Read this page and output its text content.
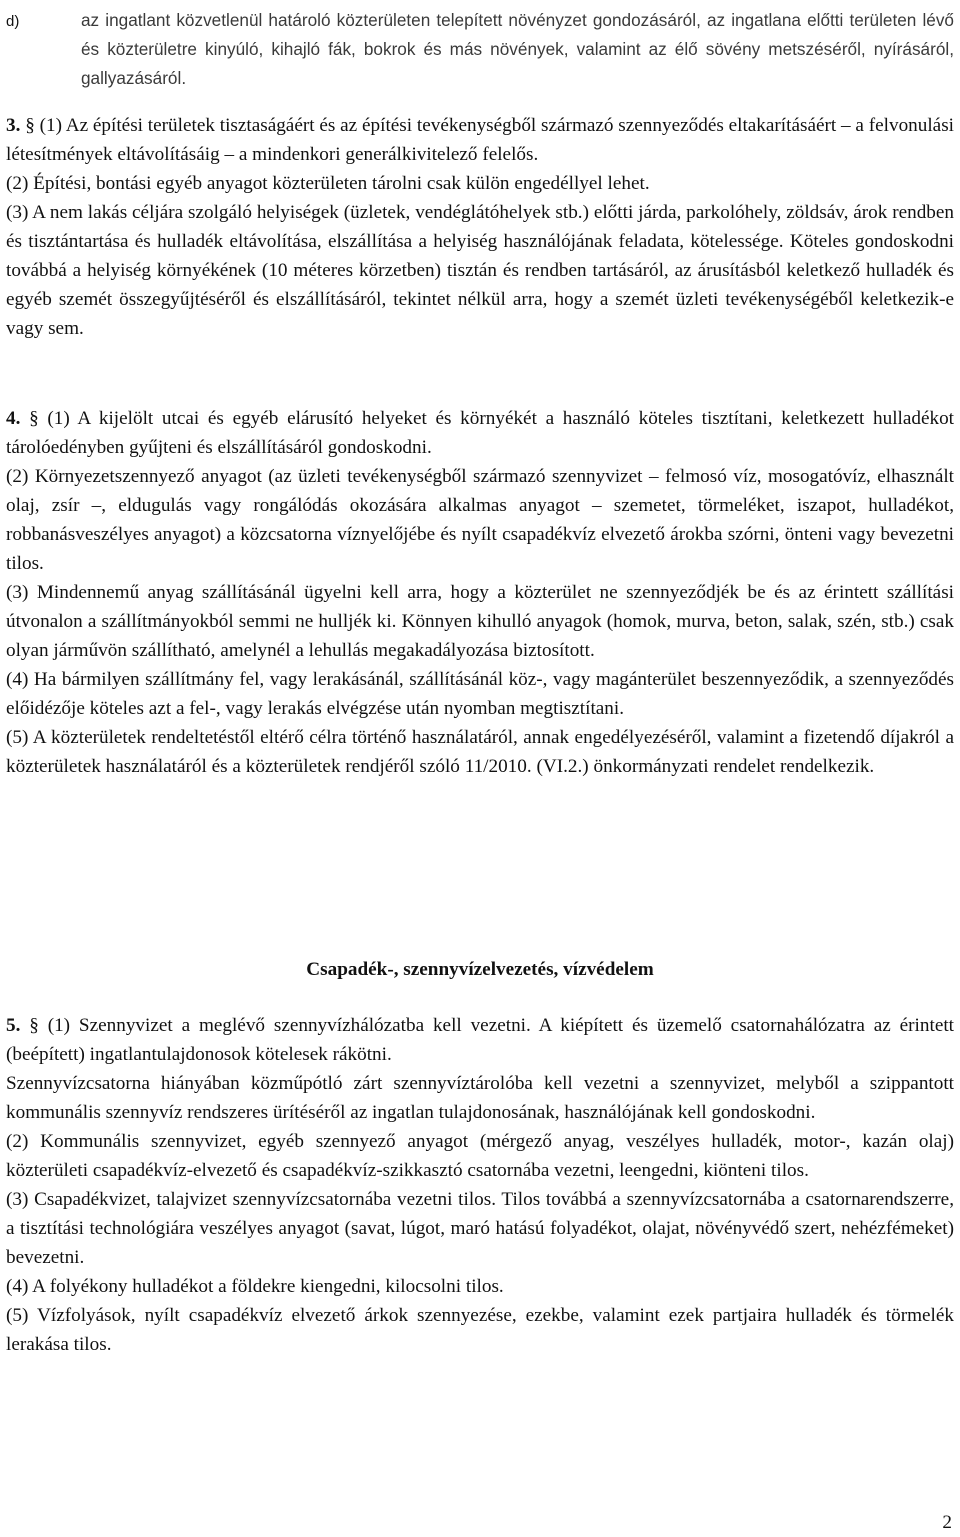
d)	az ingatlant közvetlenül határoló közterületen telepített növényzet gondozásáról, az ingatlana előtti területen lévő és közterületre kinyúló, kihajló fák, bokrok és más növények, valamint az élő sövény metszéséről, nyírásáról, gallyazásáról.

3. § (1) Az építési területek tisztaságáért és az építési tevékenységből származó szennyeződés eltakarításáért – a felvonulási létesítmények eltávolításáig – a mindenkori generálkivitelező felelős.

(2) Építési, bontási egyéb anyagot közterületen tárolni csak külön engedéllyel lehet.

(3) A nem lakás céljára szolgáló helyiségek (üzletek, vendéglátóhelyek stb.) előtti járda, parkolóhely, zöldsáv, árok rendben és tisztántartása és hulladék eltávolítása, elszállítása a helyiség használójának feladata, kötelessége. Köteles gondoskodni továbbá a helyiség környékének (10 méteres körzetben) tisztán és rendben tartásáról, az árusításból keletkező hulladék és egyéb szemét összegyűjtéséről és elszállításáról, tekintet nélkül arra, hogy a szemét üzleti tevékenységéből keletkezik-e vagy sem.

4. § (1) A kijelölt utcai és egyéb elárusító helyeket és környékét a használó köteles tisztítani, keletkezett hulladékot tárolóedényben gyűjteni és elszállításáról gondoskodni.

(2) Környezetszennyező anyagot (az üzleti tevékenységből származó szennyvizet – felmosó víz, mosogatóvíz, elhasznált olaj, zsír –, eldugulás vagy rongálódás okozására alkalmas anyagot – szemetet, törmeléket, iszapot, hulladékot, robbanásveszélyes anyagot) a közcsatorna víznyelőjébe és nyílt csapadékvíz elvezető árokba szórni, önteni vagy bevezetni tilos.

(3) Mindennemű anyag szállításánál ügyelni kell arra, hogy a közterület ne szennyeződjék be és az érintett szállítási útvonalon a szállítmányokból semmi ne hulljék ki. Könnyen kihulló anyagok (homok, murva, beton, salak, szén, stb.) csak olyan járművön szállítható, amelynél a lehullás megakadályozása biztosított.

(4) Ha bármilyen szállítmány fel, vagy lerakásánál, szállításánál köz-, vagy magánterület beszennyeződik, a szennyeződés előidézője köteles azt a fel-, vagy lerakás elvégzése után nyomban megtisztítani.

(5) A közterületek rendeltetéstől eltérő célra történő használatáról, annak engedélyezéséről, valamint a fizetendő díjakról a közterületek használatáról és a közterületek rendjéről szóló 11/2010. (VI.2.) önkormányzati rendelet rendelkezik.

Csapadék-, szennyvízelvezetés, vízvédelem

5. § (1) Szennyvizet a meglévő szennyvízhálózatba kell vezetni. A kiépített és üzemelő csatornahálózatra az érintett (beépített) ingatlantulajdonosok kötelesek rákötni.

Szennyvízcsatorna hiányában közműpótló zárt szennyvíztárolóba kell vezetni a szennyvizet, melyből a szippantott kommunális szennyvíz rendszeres ürítéséről az ingatlan tulajdonosának, használójának kell gondoskodni.

(2) Kommunális szennyvizet, egyéb szennyező anyagot (mérgező anyag, veszélyes hulladék, motor-, kazán olaj) közterületi csapadékvíz-elvezető és csapadékvíz-szikkasztó csatornába vezetni, leengedni, kiönteni tilos.

(3) Csapadékvizet, talajvizet szennyvízcsatornába vezetni tilos. Tilos továbbá a szennyvízcsatornába a csatornarendszerre, a tisztítási technológiára veszélyes anyagot (savat, lúgot, maró hatású folyadékot, olajat, növényvédő szert, nehézfémeket) bevezetni.

(4) A folyékony hulladékot a földekre kiengedni, kilocsolni tilos.

(5) Vízfolyások, nyílt csapadékvíz elvezető árkok szennyezése, ezekbe, valamint ezek partjaira hulladék és törmelék lerakása tilos.

2
